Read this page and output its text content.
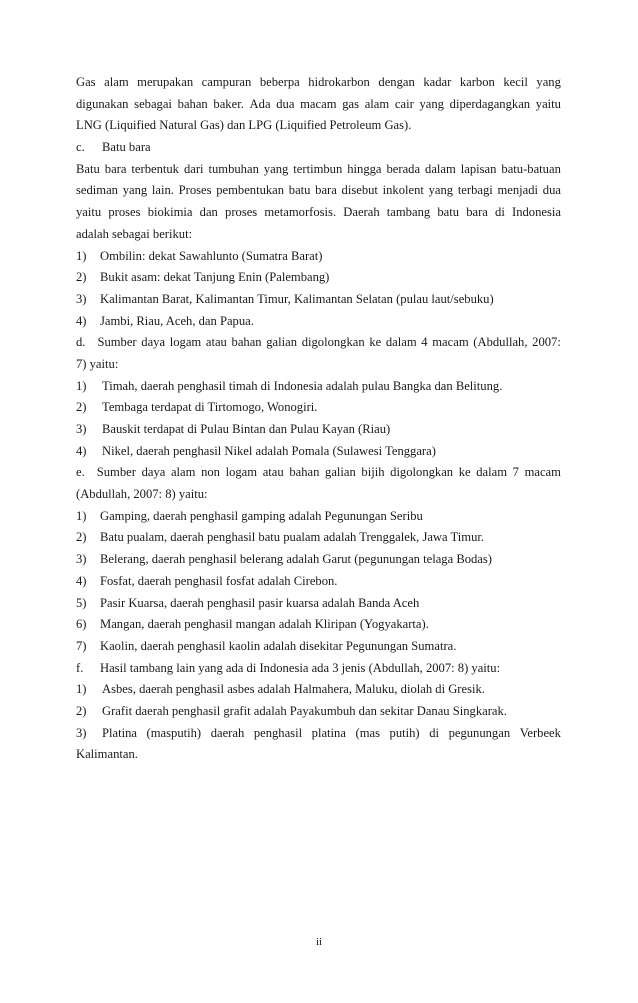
Gas alam merupakan campuran beberpa hidrokarbon dengan kadar karbon kecil yang
digunakan sebagai bahan baker. Ada dua macam gas alam cair yang diperdagangkan yaitu
LNG (Liquified Natural Gas) dan LPG (Liquified Petroleum Gas).
c.	Batu bara
Batu bara terbentuk dari tumbuhan yang tertimbun hingga berada dalam lapisan batu-batuan
sediman yang lain. Proses pembentukan batu bara disebut inkolent yang terbagi menjadi dua
yaitu proses biokimia dan proses metamorfosis. Daerah tambang batu bara di Indonesia
adalah sebagai berikut:
1)	Ombilin: dekat Sawahlunto (Sumatra Barat)
2)	Bukit asam: dekat Tanjung Enin (Palembang)
3)	Kalimantan Barat, Kalimantan Timur, Kalimantan Selatan (pulau laut/sebuku)
4)	Jambi, Riau, Aceh, dan Papua.
d. Sumber daya logam atau bahan galian digolongkan ke dalam 4 macam (Abdullah, 2007:
7) yaitu:
1)	Timah, daerah penghasil timah di Indonesia adalah pulau Bangka dan Belitung.
2)	Tembaga terdapat di Tirtomogo, Wonogiri.
3)	Bauskit terdapat di Pulau Bintan dan Pulau Kayan (Riau)
4)	Nikel, daerah penghasil Nikel adalah Pomala (Sulawesi Tenggara)
e. Sumber daya alam non logam atau bahan galian bijih digolongkan ke dalam 7 macam
(Abdullah, 2007: 8) yaitu:
1)	Gamping, daerah penghasil gamping adalah Pegunungan Seribu
2)	Batu pualam, daerah penghasil batu pualam adalah Trenggalek, Jawa Timur.
3)	Belerang, daerah penghasil belerang adalah Garut (pegunungan telaga Bodas)
4)	Fosfat, daerah penghasil fosfat adalah Cirebon.
5)	Pasir Kuarsa, daerah penghasil pasir kuarsa adalah Banda Aceh
6)	Mangan, daerah penghasil mangan adalah Kliripan (Yogyakarta).
7)	Kaolin, daerah penghasil kaolin adalah disekitar Pegunungan Sumatra.
f.	Hasil tambang lain yang ada di Indonesia ada 3 jenis (Abdullah, 2007: 8) yaitu:
1)	Asbes, daerah penghasil asbes adalah Halmahera, Maluku, diolah di Gresik.
2)	Grafit daerah penghasil grafit adalah Payakumbuh dan sekitar Danau Singkarak.
3)	Platina (masputih) daerah penghasil platina (mas putih) di pegunungan Verbeek
Kalimantan.
ii
